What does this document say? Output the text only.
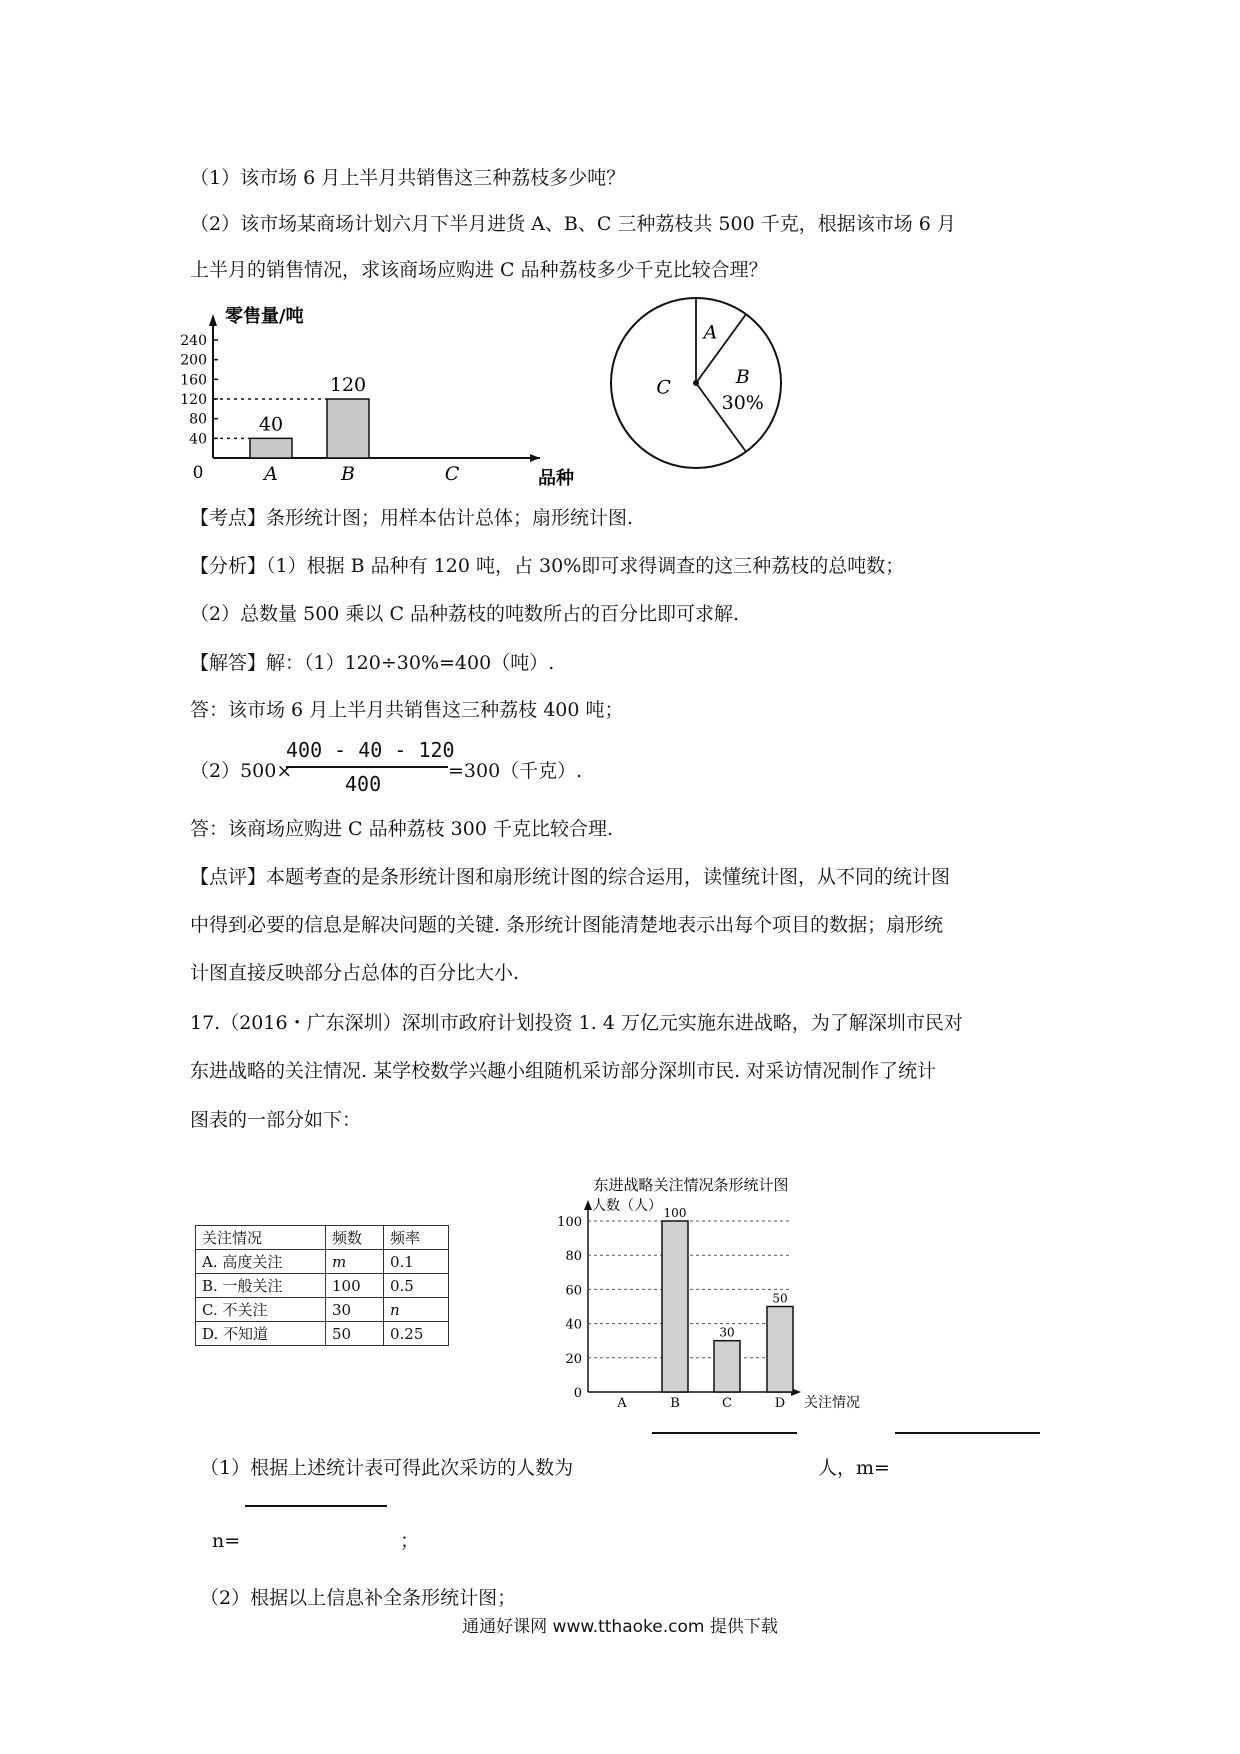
（1）该市场 6 月上半月共销售这三种荔枝多少吨？
（2）该市场某商场计划六月下半月进货 A、B、C 三种荔枝共 500 千克，根据该市场 6 月
上半月的销售情况，求该商场应购进 C 品种荔枝多少千克比较合理？
零售量/吨
品种
0
40
80
120
160
200
240
A
40
B
120
C
A
B
C
30%
东进战略关注情况条形统计图
人数（人）
关注情况
0
20
40
60
80
100
A	B
100
C
30
D
50
【考点】条形统计图；用样本估计总体；扇形统计图.
【分析】（1）根据 B 品种有 120 吨，占 30%即可求得调查的这三种荔枝的总吨数；
（2）总数量 500 乘以 C 品种荔枝的吨数所占的百分比即可求解.
【解答】解：（1）120÷30%=400（吨）.
答：该市场 6 月上半月共销售这三种荔枝 400 吨；
（2）500×
400 - 40 - 120
400
=300（千克）.
答：该商场应购进 C 品种荔枝 300 千克比较合理.
【点评】本题考查的是条形统计图和扇形统计图的综合运用，读懂统计图，从不同的统计图
中得到必要的信息是解决问题的关键. 条形统计图能清楚地表示出每个项目的数据；扇形统
计图直接反映部分占总体的百分比大小.
17.（2016・广东深圳）深圳市政府计划投资 1. 4 万亿元实施东进战略，为了解深圳市民对
东进战略的关注情况. 某学校数学兴趣小组随机采访部分深圳市民. 对采访情况制作了统计
图表的一部分如下：
关注情况	频数	频率
A. 高度关注	m	0.1
B. 一般关注	100	0.5
C. 不关注	30	n
D. 不知道	50	0.25
（1）根据上述统计表可得此次采访的人数为	人，m=
n=	；
（2）根据以上信息补全条形统计图；
通通好课网 www.tthaoke.com 提供下载
